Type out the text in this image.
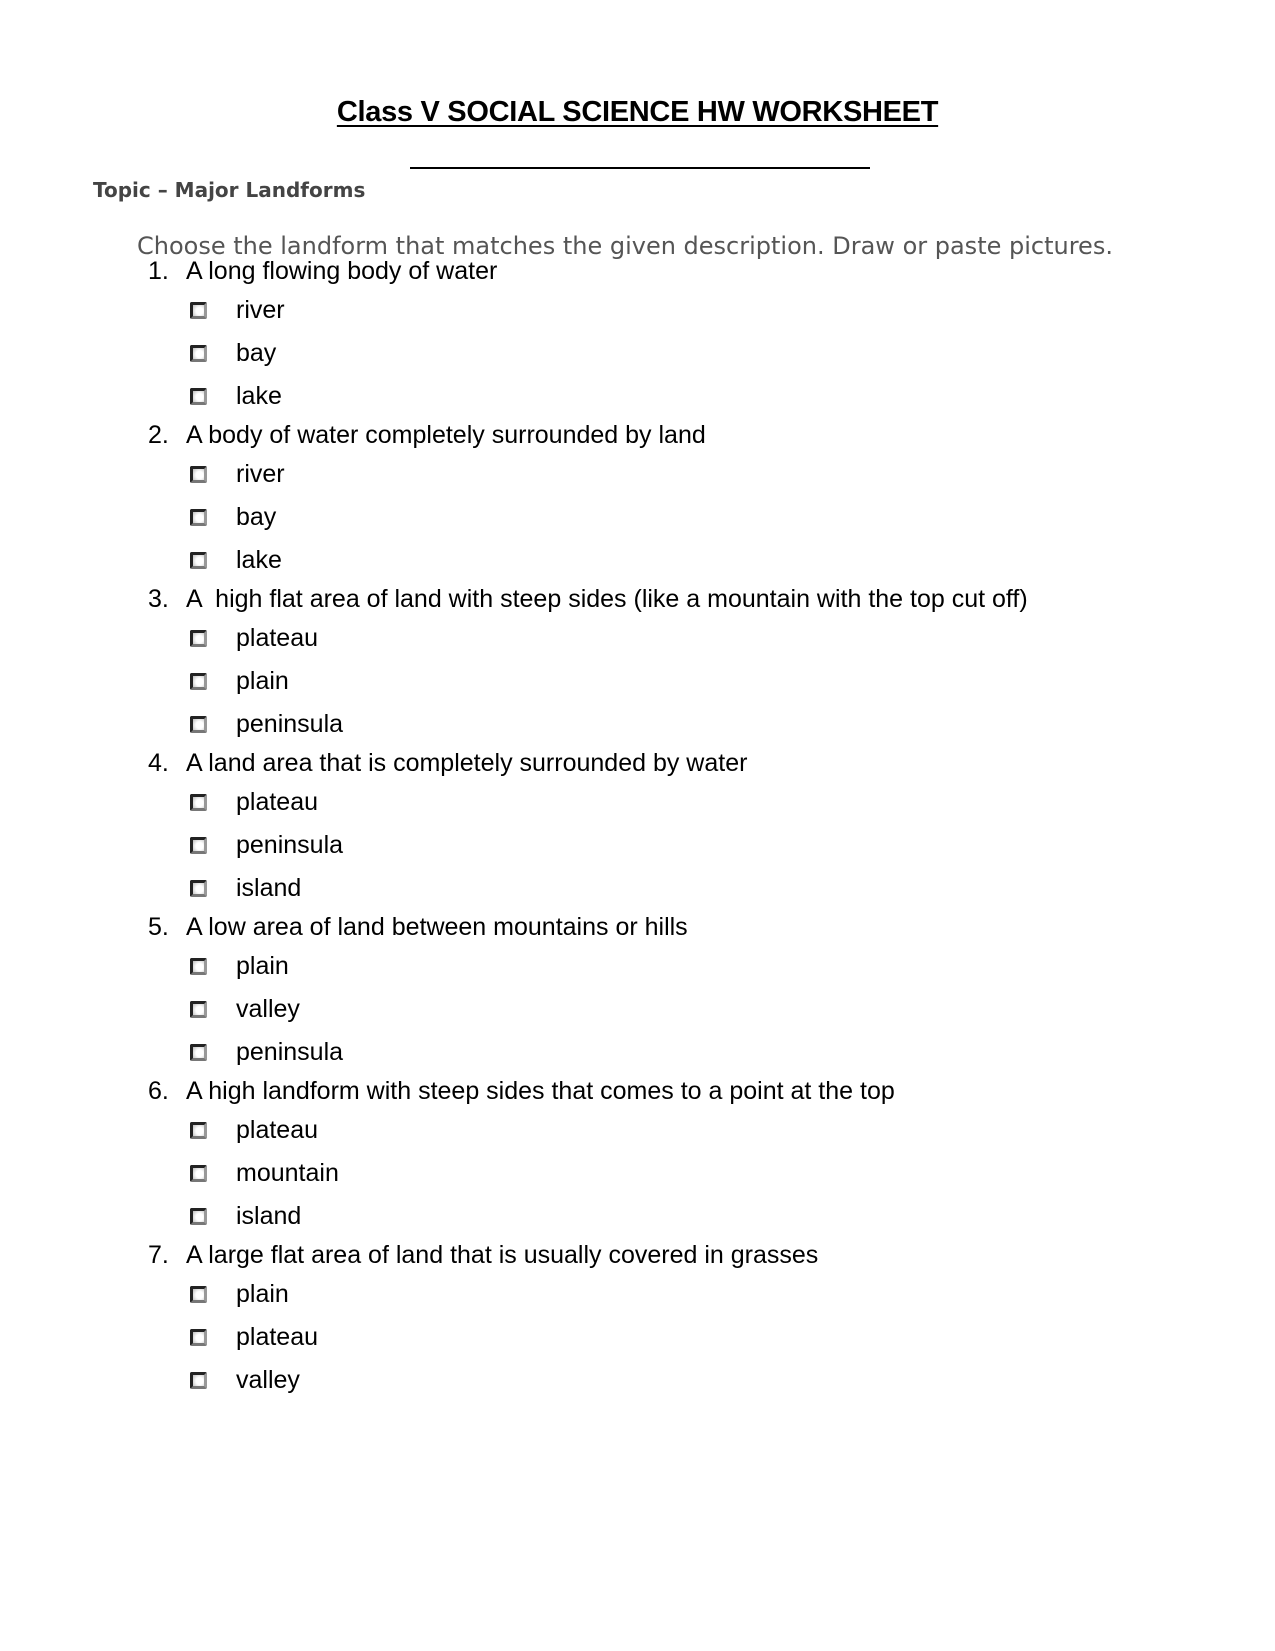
Class V SOCIAL SCIENCE HW WORKSHEET
Topic – Major Landforms
Choose the landform that matches the given description. Draw or paste pictures.
1. A long flowing body of water
river
bay
lake
2. A body of water completely surrounded by land
river
bay
lake
3. A  high flat area of land with steep sides (like a mountain with the top cut off)
plateau
plain
peninsula
4. A land area that is completely surrounded by water
plateau
peninsula
island
5. A low area of land between mountains or hills
plain
valley
peninsula
6. A high landform with steep sides that comes to a point at the top
plateau
mountain
island
7. A large flat area of land that is usually covered in grasses
plain
plateau
valley
